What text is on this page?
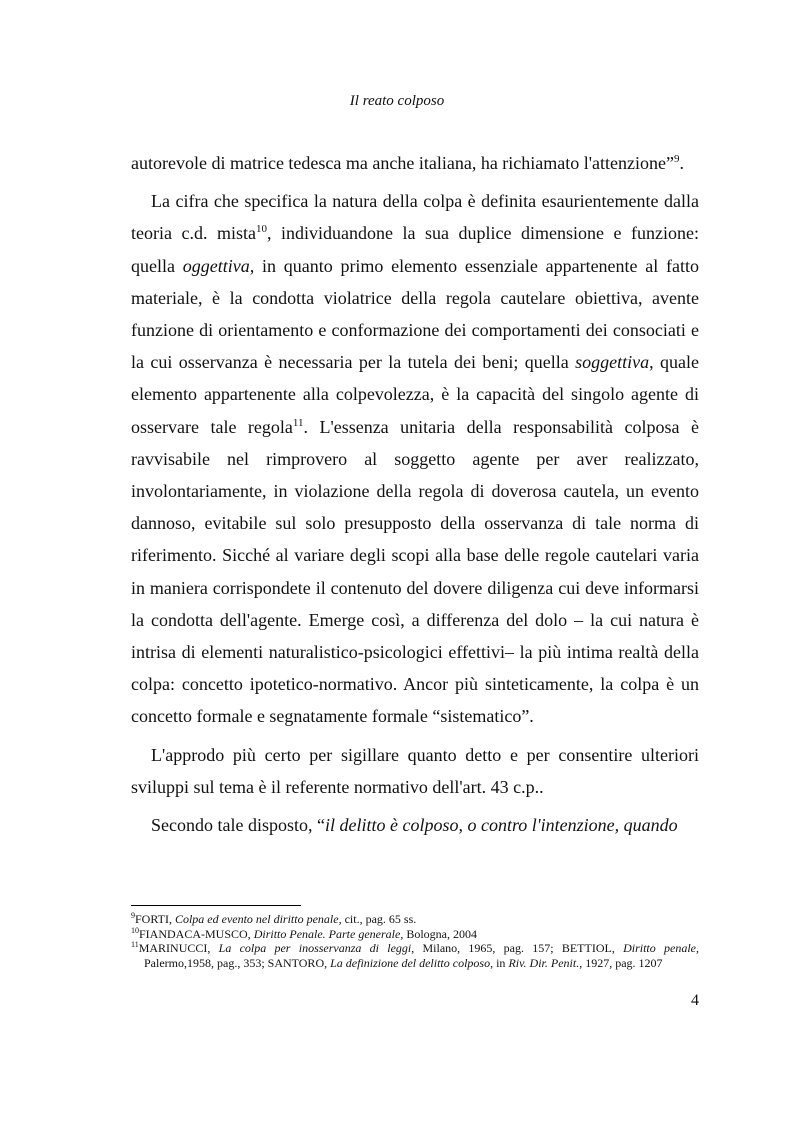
Il reato colposo

autorevole di matrice tedesca ma anche italiana, ha richiamato l'attenzione”$^9$.

La cifra che specifica la natura della colpa è definita esaurientemente dalla teoria c.d. mista$^{10}$, individuandone la sua duplice dimensione e funzione: quella oggettiva, in quanto primo elemento essenziale appartenente al fatto materiale, è la condotta violatrice della regola cautelare obiettiva, avente funzione di orientamento e conformazione dei comportamenti dei consociati e la cui osservanza è necessaria per la tutela dei beni; quella soggettiva, quale elemento appartenente alla colpevolezza, è la capacità del singolo agente di osservare tale regola$^{11}$. L'essenza unitaria della responsabilità colposa è ravvisabile nel rimprovero al soggetto agente per aver realizzato, involontariamente, in violazione della regola di doverosa cautela, un evento dannoso, evitabile sul solo presupposto della osservanza di tale norma di riferimento. Sicché al variare degli scopi alla base delle regole cautelari varia in maniera corrispondete il contenuto del dovere diligenza cui deve informarsi la condotta dell'agente. Emerge così, a differenza del dolo – la cui natura è intrisa di elementi naturalistico-psicologici effettivi– la più intima realtà della colpa: concetto ipotetico-normativo. Ancor più sinteticamente, la colpa è un concetto formale e segnatamente formale “sistematico”.

L'approdo più certo per sigillare quanto detto e per consentire ulteriori sviluppi sul tema è il referente normativo dell'art. 43 c.p..

Secondo tale disposto, “il delitto è colposo, o contro l'intenzione, quando

$^9$FORTI, Colpa ed evento nel diritto penale, cit., pag. 65 ss.
$^{10}$FIANDACA-MUSCO, Diritto Penale. Parte generale, Bologna, 2004
$^{11}$MARINUCCI, La colpa per inosservanza di leggi, Milano, 1965, pag. 157; BETTIOL, Diritto penale, Palermo,1958, pag., 353; SANTORO, La definizione del delitto colposo, in Riv. Dir. Penit., 1927, pag. 1207
4
